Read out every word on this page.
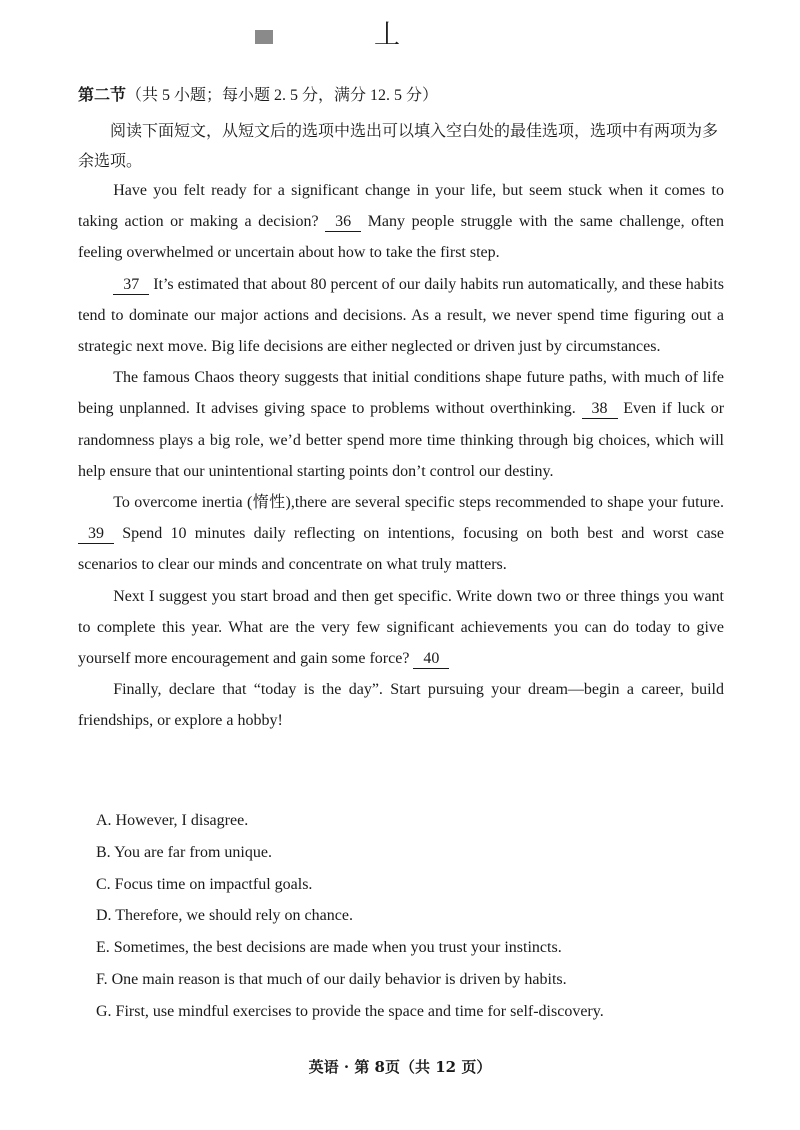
丄
第二节（共 5 小题；每小题 2. 5 分，满分 12. 5 分）
阅读下面短文，从短文后的选项中选出可以填入空白处的最佳选项，选项中有两项为多余选项。

Have you felt ready for a significant change in your life, but seem stuck when it comes to taking action or making a decision? 36 Many people struggle with the same challenge, often feeling overwhelmed or uncertain about how to take the first step.

37 It’s estimated that about 80 percent of our daily habits run automatically, and these habits tend to dominate our major actions and decisions. As a result, we never spend time figuring out a strategic next move. Big life decisions are either neglected or driven just by circumstances.

The famous Chaos theory suggests that initial conditions shape future paths, with much of life being unplanned. It advises giving space to problems without overthinking. 38 Even if luck or randomness plays a big role, we’d better spend more time thinking through big choices, which will help ensure that our unintentional starting points don’t control our destiny.

To overcome inertia (惰性),there are several specific steps recommended to shape your future. 39 Spend 10 minutes daily reflecting on intentions, focusing on both best and worst case scenarios to clear our minds and concentrate on what truly matters.

Next I suggest you start broad and then get specific. Write down two or three things you want to complete this year. What are the very few significant achievements you can do today to give yourself more encouragement and gain some force? 40

Finally, declare that “today is the day”. Start pursuing your dream—begin a career, build friendships, or explore a hobby!

A. However, I disagree.
B. You are far from unique.
C. Focus time on impactful goals.
D. Therefore, we should rely on chance.
E. Sometimes, the best decisions are made when you trust your instincts.
F. One main reason is that much of our daily behavior is driven by habits.
G. First, use mindful exercises to provide the space and time for self-discovery.
英语 · 第 8页（共 12 页）
